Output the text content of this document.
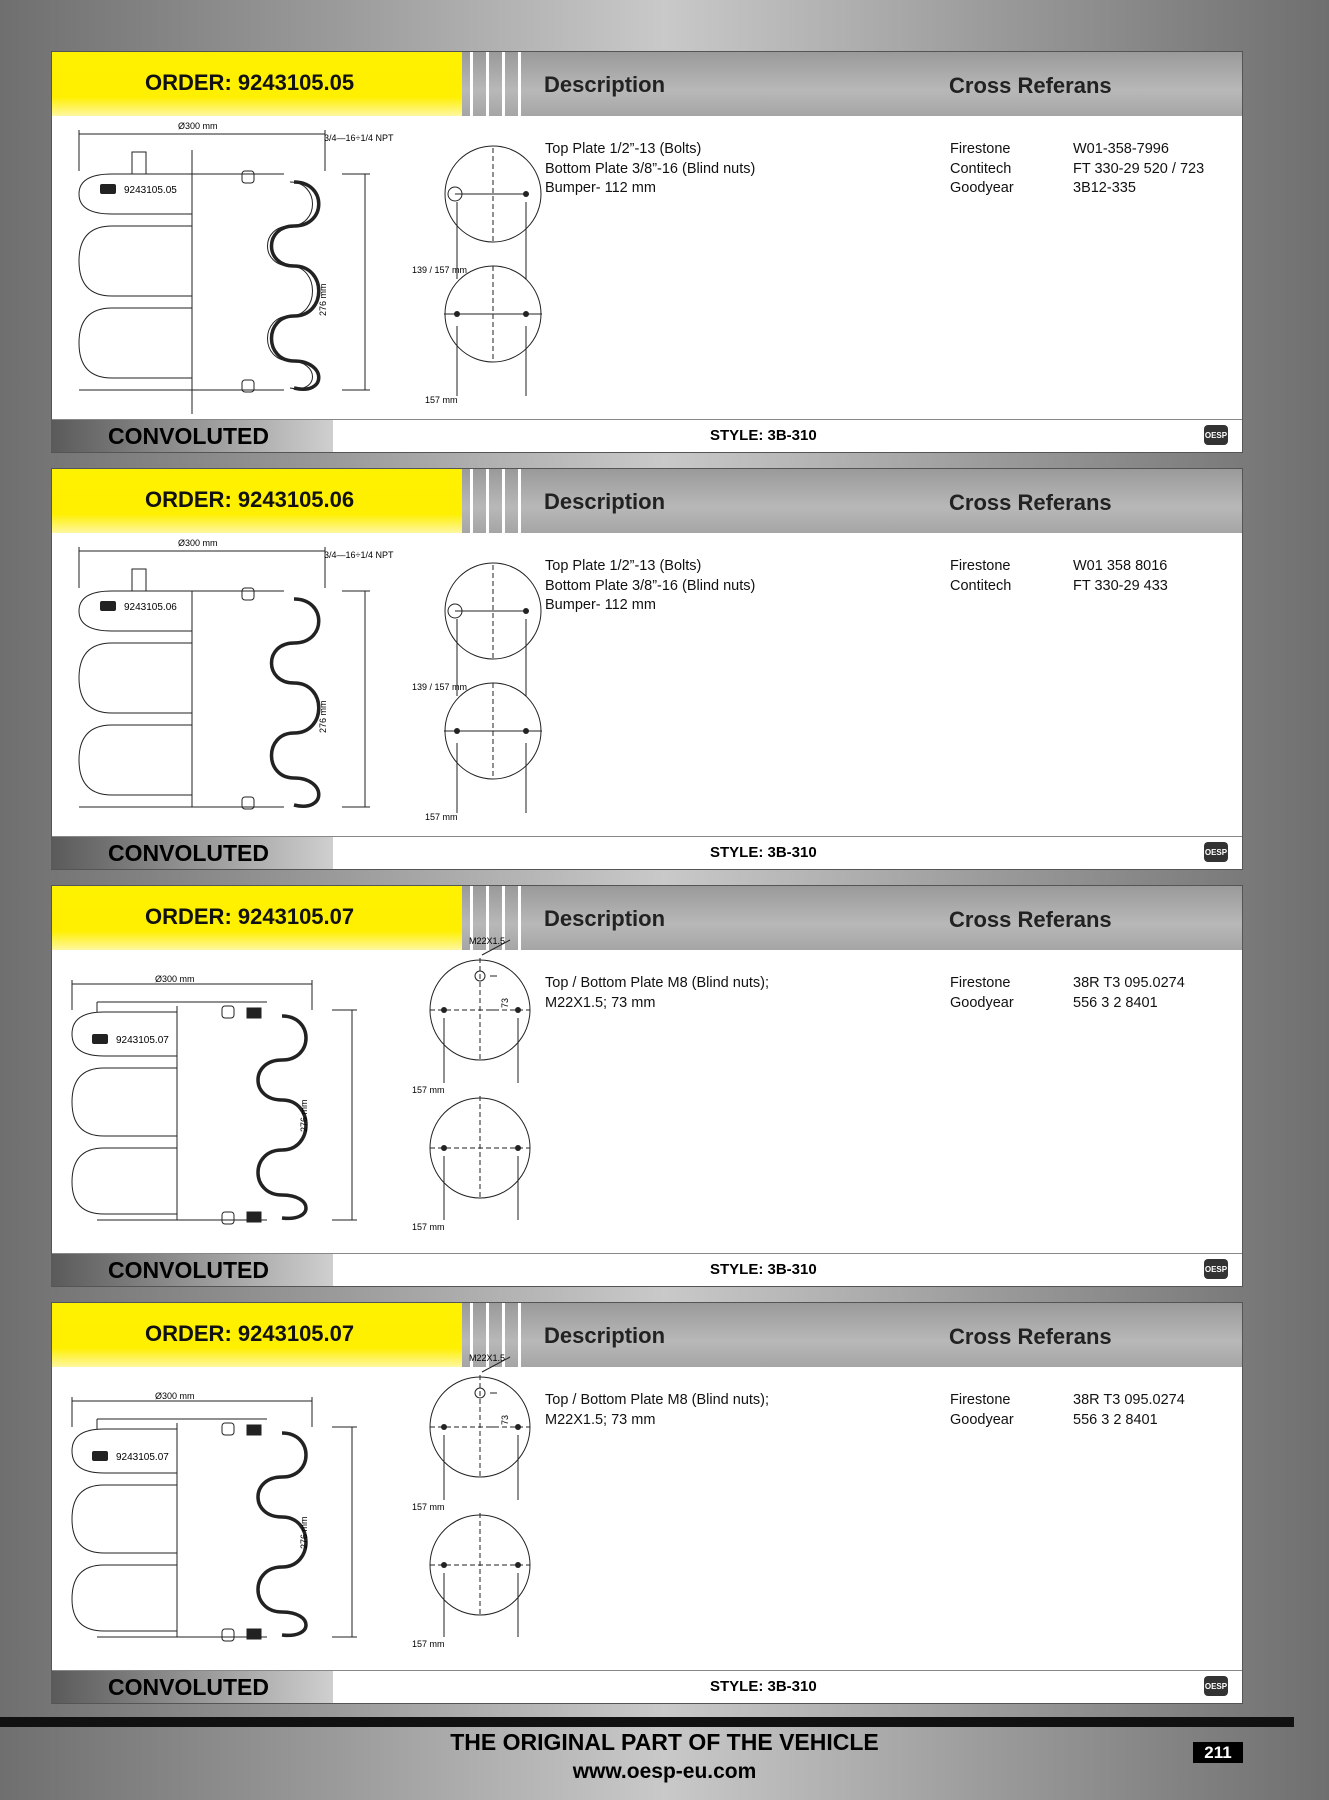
ORDER: 9243105.05	Description	Cross Referans
Top Plate 1/2”-13 (Bolts)
Bottom Plate 3/8”-16 (Blind nuts)
Bumper- 112 mm
Firestone	W01-358-7996
Contitech	FT 330-29 520 / 723
Goodyear	3B12-335
Ø300 mm
3/4—16÷1/4 NPT
9243105.05
276 mm
139 / 157 mm
157 mm
CONVOLUTED	STYLE: 3B-310	OESP
ORDER: 9243105.06	Description	Cross Referans
Top Plate 1/2”-13 (Bolts)
Bottom Plate 3/8”-16 (Blind nuts)
Bumper- 112 mm
Firestone	W01 358 8016
Contitech	FT 330-29 433
Ø300 mm
3/4—16÷1/4 NPT
9243105.06
276 mm
139 / 157 mm
157 mm
CONVOLUTED	STYLE: 3B-310	OESP
ORDER: 9243105.07	Description	Cross Referans
Top / Bottom Plate M8 (Blind nuts);
M22X1.5; 73 mm
Firestone	38R T3 095.0274
Goodyear	556 3 2 8401
Ø300 mm
M22X1.5
9243105.07
276 mm
73
157 mm
157 mm
CONVOLUTED	STYLE: 3B-310	OESP
ORDER: 9243105.07	Description	Cross Referans
Top / Bottom Plate M8 (Blind nuts);
M22X1.5; 73 mm
Firestone	38R T3 095.0274
Goodyear	556 3 2 8401
Ø300 mm
M22X1.5
9243105.07
276 mm
73
157 mm
157 mm
CONVOLUTED	STYLE: 3B-310	OESP
THE ORIGINAL PART OF THE VEHICLE
www.oesp-eu.com
211
